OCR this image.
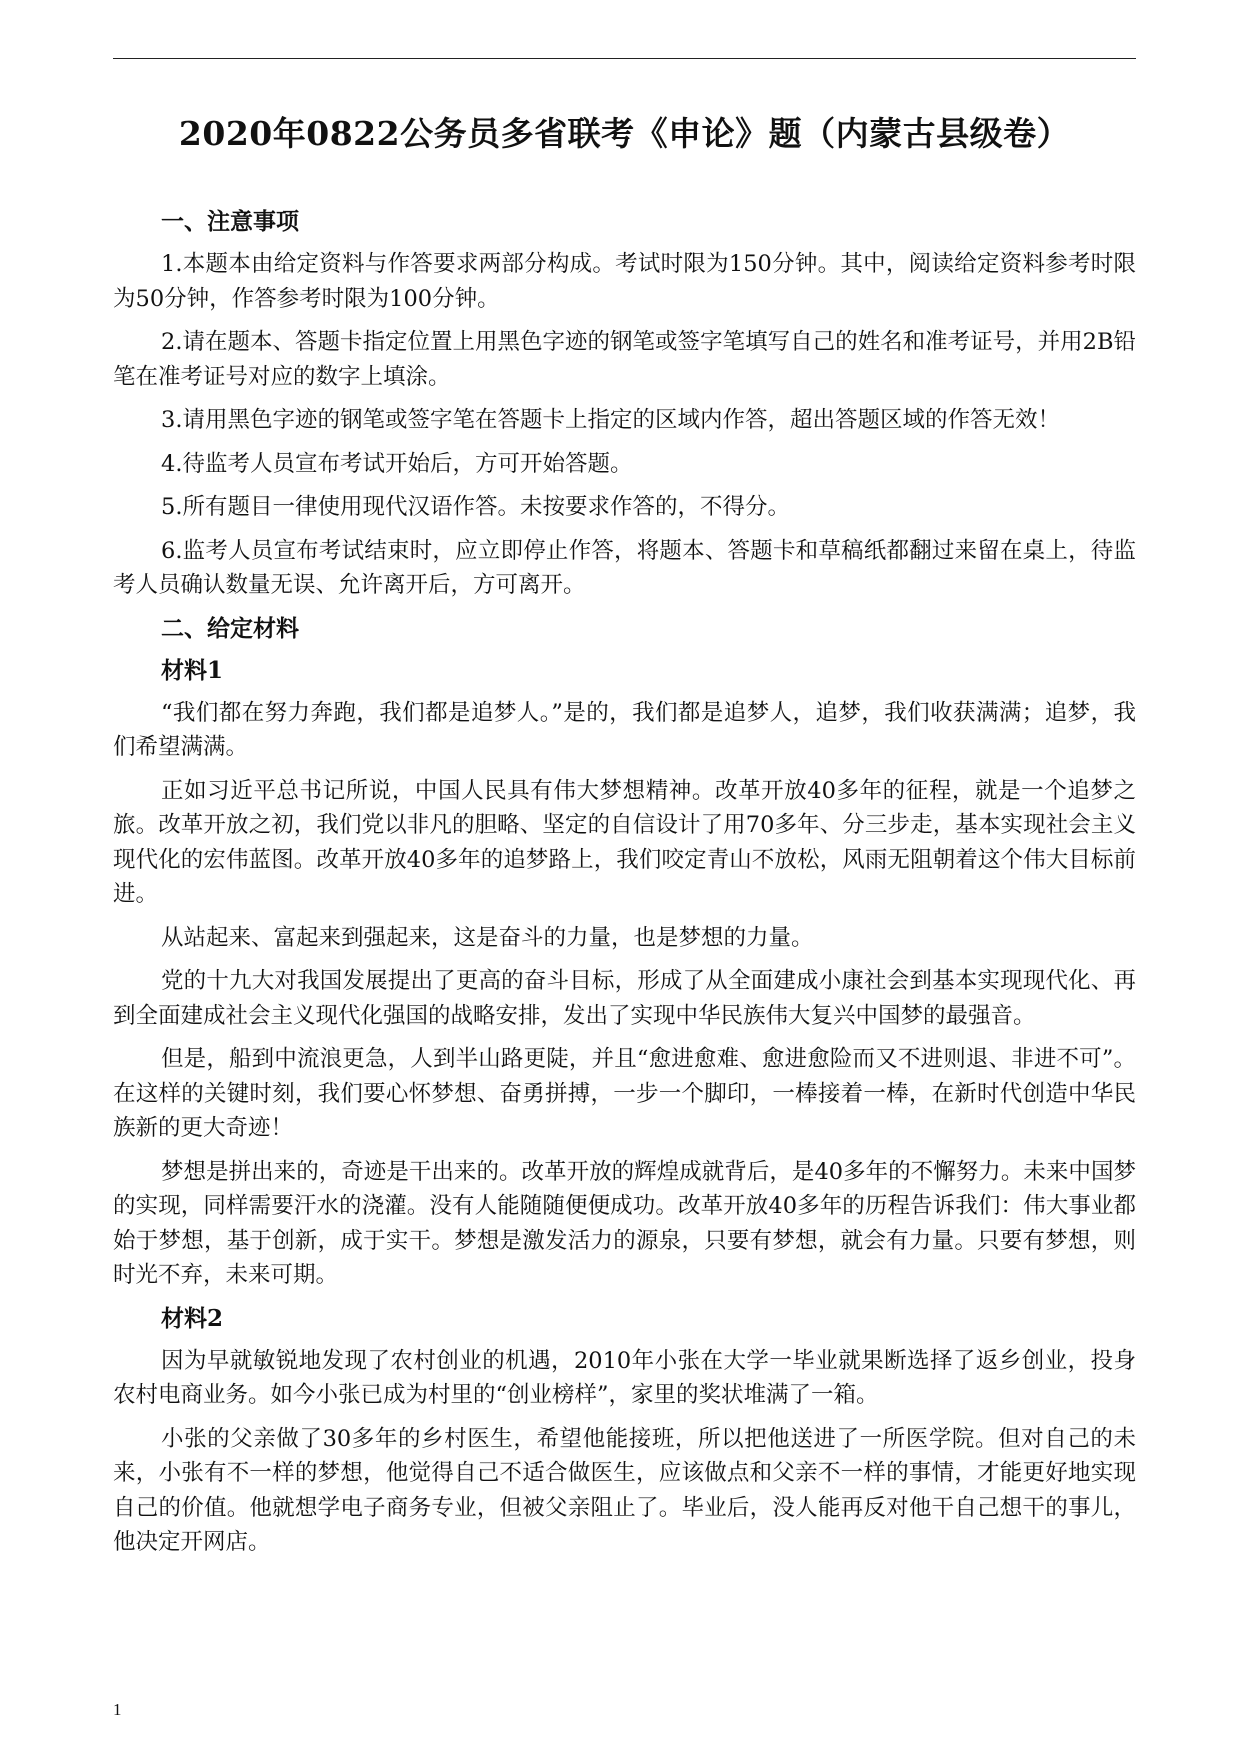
2020年0822公务员多省联考《申论》题（内蒙古县级卷）

一、注意事项

1.本题本由给定资料与作答要求两部分构成。考试时限为150分钟。其中，阅读给定资料参考时限为50分钟，作答参考时限为100分钟。

2.请在题本、答题卡指定位置上用黑色字迹的钢笔或签字笔填写自己的姓名和准考证号，并用2B铅笔在准考证号对应的数字上填涂。

3.请用黑色字迹的钢笔或签字笔在答题卡上指定的区域内作答，超出答题区域的作答无效！

4.待监考人员宣布考试开始后，方可开始答题。

5.所有题目一律使用现代汉语作答。未按要求作答的，不得分。

6.监考人员宣布考试结束时，应立即停止作答，将题本、答题卡和草稿纸都翻过来留在桌上，待监考人员确认数量无误、允许离开后，方可离开。

二、给定材料

材料1

“我们都在努力奔跑，我们都是追梦人。”是的，我们都是追梦人，追梦，我们收获满满；追梦，我们希望满满。

正如习近平总书记所说，中国人民具有伟大梦想精神。改革开放40多年的征程，就是一个追梦之旅。改革开放之初，我们党以非凡的胆略、坚定的自信设计了用70多年、分三步走，基本实现社会主义现代化的宏伟蓝图。改革开放40多年的追梦路上，我们咬定青山不放松，风雨无阻朝着这个伟大目标前进。

从站起来、富起来到强起来，这是奋斗的力量，也是梦想的力量。

党的十九大对我国发展提出了更高的奋斗目标，形成了从全面建成小康社会到基本实现现代化、再到全面建成社会主义现代化强国的战略安排，发出了实现中华民族伟大复兴中国梦的最强音。

但是，船到中流浪更急，人到半山路更陡，并且“愈进愈难、愈进愈险而又不进则退、非进不可”。在这样的关键时刻，我们要心怀梦想、奋勇拼搏，一步一个脚印，一棒接着一棒，在新时代创造中华民族新的更大奇迹！

梦想是拼出来的，奇迹是干出来的。改革开放的辉煌成就背后，是40多年的不懈努力。未来中国梦的实现，同样需要汗水的浇灌。没有人能随随便便成功。改革开放40多年的历程告诉我们：伟大事业都始于梦想，基于创新，成于实干。梦想是激发活力的源泉，只要有梦想，就会有力量。只要有梦想，则时光不弃，未来可期。

材料2

因为早就敏锐地发现了农村创业的机遇，2010年小张在大学一毕业就果断选择了返乡创业，投身农村电商业务。如今小张已成为村里的“创业榜样”，家里的奖状堆满了一箱。

小张的父亲做了30多年的乡村医生，希望他能接班，所以把他送进了一所医学院。但对自己的未来，小张有不一样的梦想，他觉得自己不适合做医生，应该做点和父亲不一样的事情，才能更好地实现自己的价值。他就想学电子商务专业，但被父亲阻止了。毕业后，没人能再反对他干自己想干的事儿，他决定开网店。

1
